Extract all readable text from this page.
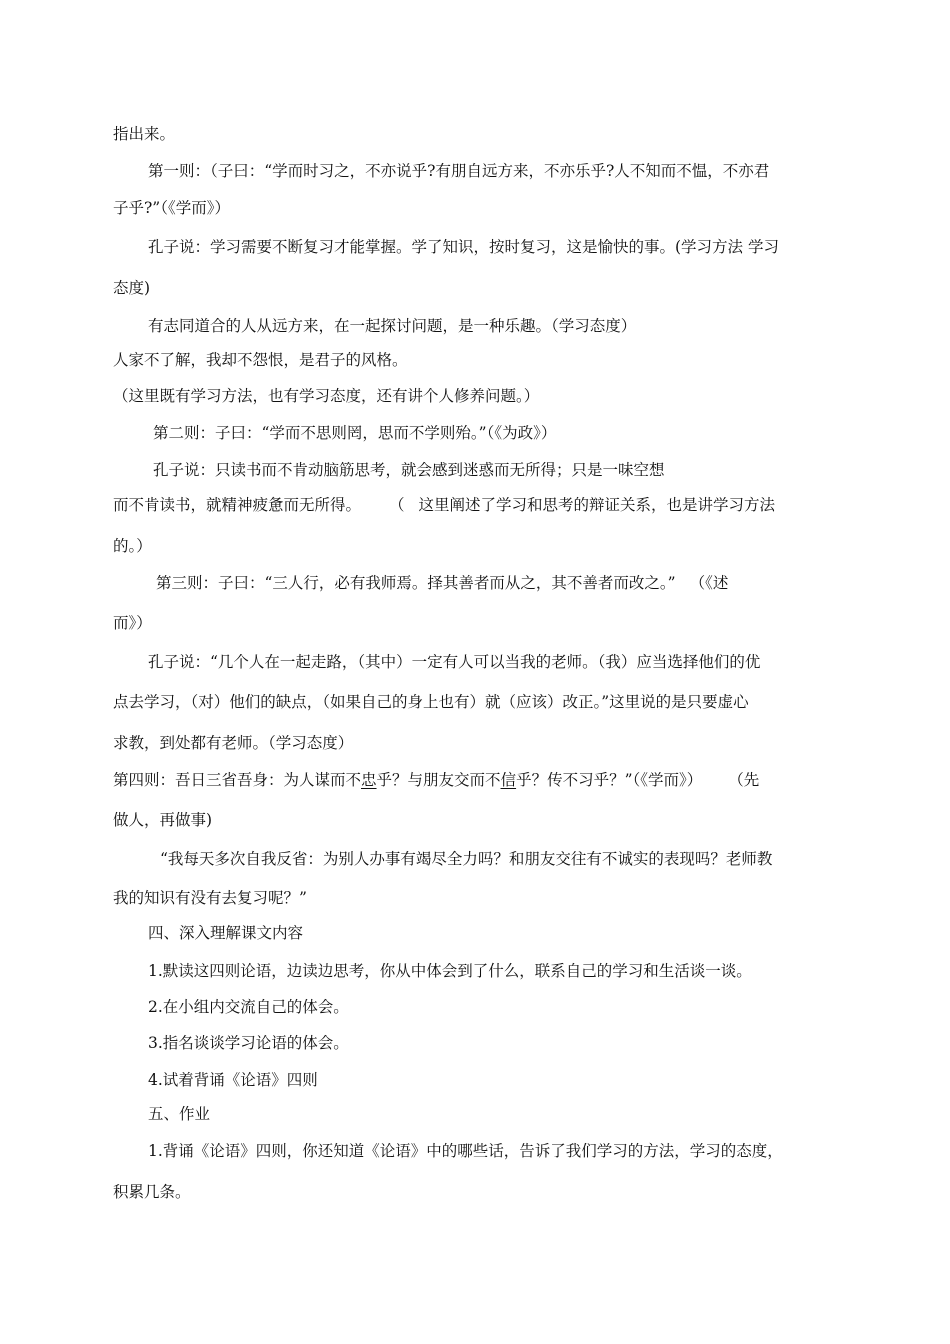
指出来。
第一则：（子曰：“学而时习之，不亦说乎?有朋自远方来，不亦乐乎?人不知而不愠，不亦君
子乎?”（《学而》）
孔子说：学习需要不断复习才能掌握。学了知识，按时复习，这是愉快的事。(学习方法 学习
态度)
有志同道合的人从远方来，在一起探讨问题，是一种乐趣。（学习态度）
人家不了解，我却不怨恨，是君子的风格。
（这里既有学习方法，也有学习态度，还有讲个人修养问题。）
第二则：子曰：“学而不思则罔，思而不学则殆。”（《为政》）
孔子说：只读书而不肯动脑筋思考，就会感到迷惑而无所得；只是一味空想
而不肯读书，就精神疲惫而无所得。 （ 这里阐述了学习和思考的辩证关系，也是讲学习方法
的。）
第三则：子曰：“三人行，必有我师焉。择其善者而从之，其不善者而改之。” （《述
而》）
孔子说：“几个人在一起走路，（其中）一定有人可以当我的老师。（我）应当选择他们的优
点去学习，（对）他们的缺点，（如果自己的身上也有）就（应该）改正。”这里说的是只要虚心
求教，到处都有老师。（学习态度）
第四则：吾日三省吾身：为人谋而不忠乎？与朋友交而不信乎？传不习乎？”（《学而》） （先
做人，再做事)
“我每天多次自我反省：为别人办事有竭尽全力吗？和朋友交往有不诚实的表现吗？老师教
我的知识有没有去复习呢？”
四、深入理解课文内容
1.默读这四则论语，边读边思考，你从中体会到了什么，联系自己的学习和生活谈一谈。
2.在小组内交流自己的体会。
3.指名谈谈学习论语的体会。
4.试着背诵《论语》四则
五、作业
1.背诵《论语》四则，你还知道《论语》中的哪些话，告诉了我们学习的方法，学习的态度，
积累几条。
